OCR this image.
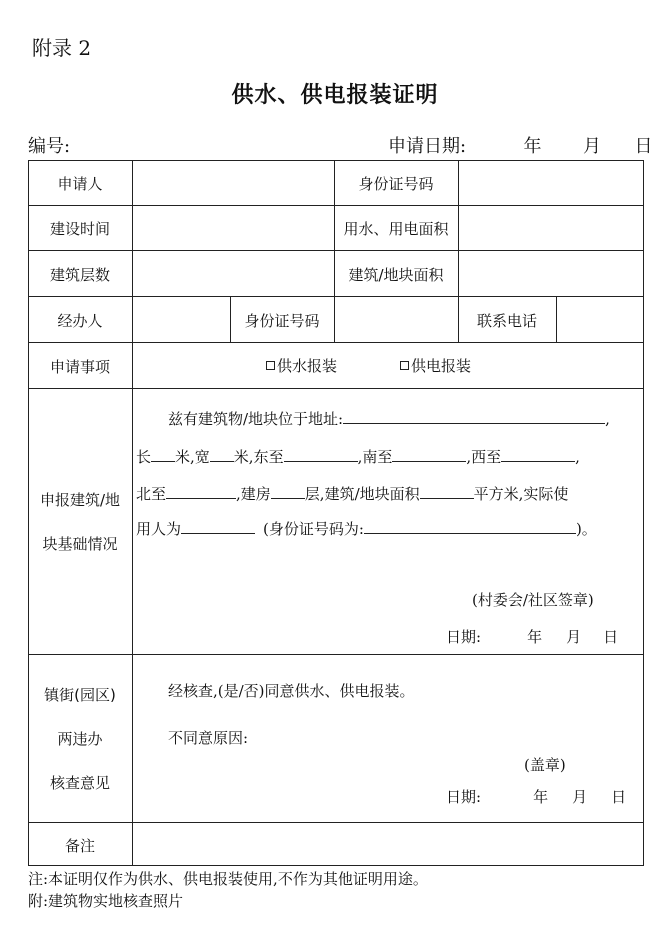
附录 2
供水、供电报装证明
编号:	申请日期:	年 月 日
申请人	身份证号码
建设时间	用水、用电面积
建筑层数	建筑/地块面积
经办人	身份证号码	联系电话
申请事项	供水报装	供电报装
申报建筑/地
块基础情况
兹有建筑物/地块位于地址:	,
长 米,宽 米,东至	,南至	,西至	,
北至	,建房 层,建筑/地块面积	平方米,实际使
用人为	(身份证号码为:	)。
(村委会/社区签章)
日期:	年 月 日
镇街(园区)
两违办
核查意见
经核查,(是/否)同意供水、供电报装。
不同意原因:
(盖章)
日期:	年 月 日
备注
注:本证明仅作为供水、供电报装使用,不作为其他证明用途。
附:建筑物实地核查照片
